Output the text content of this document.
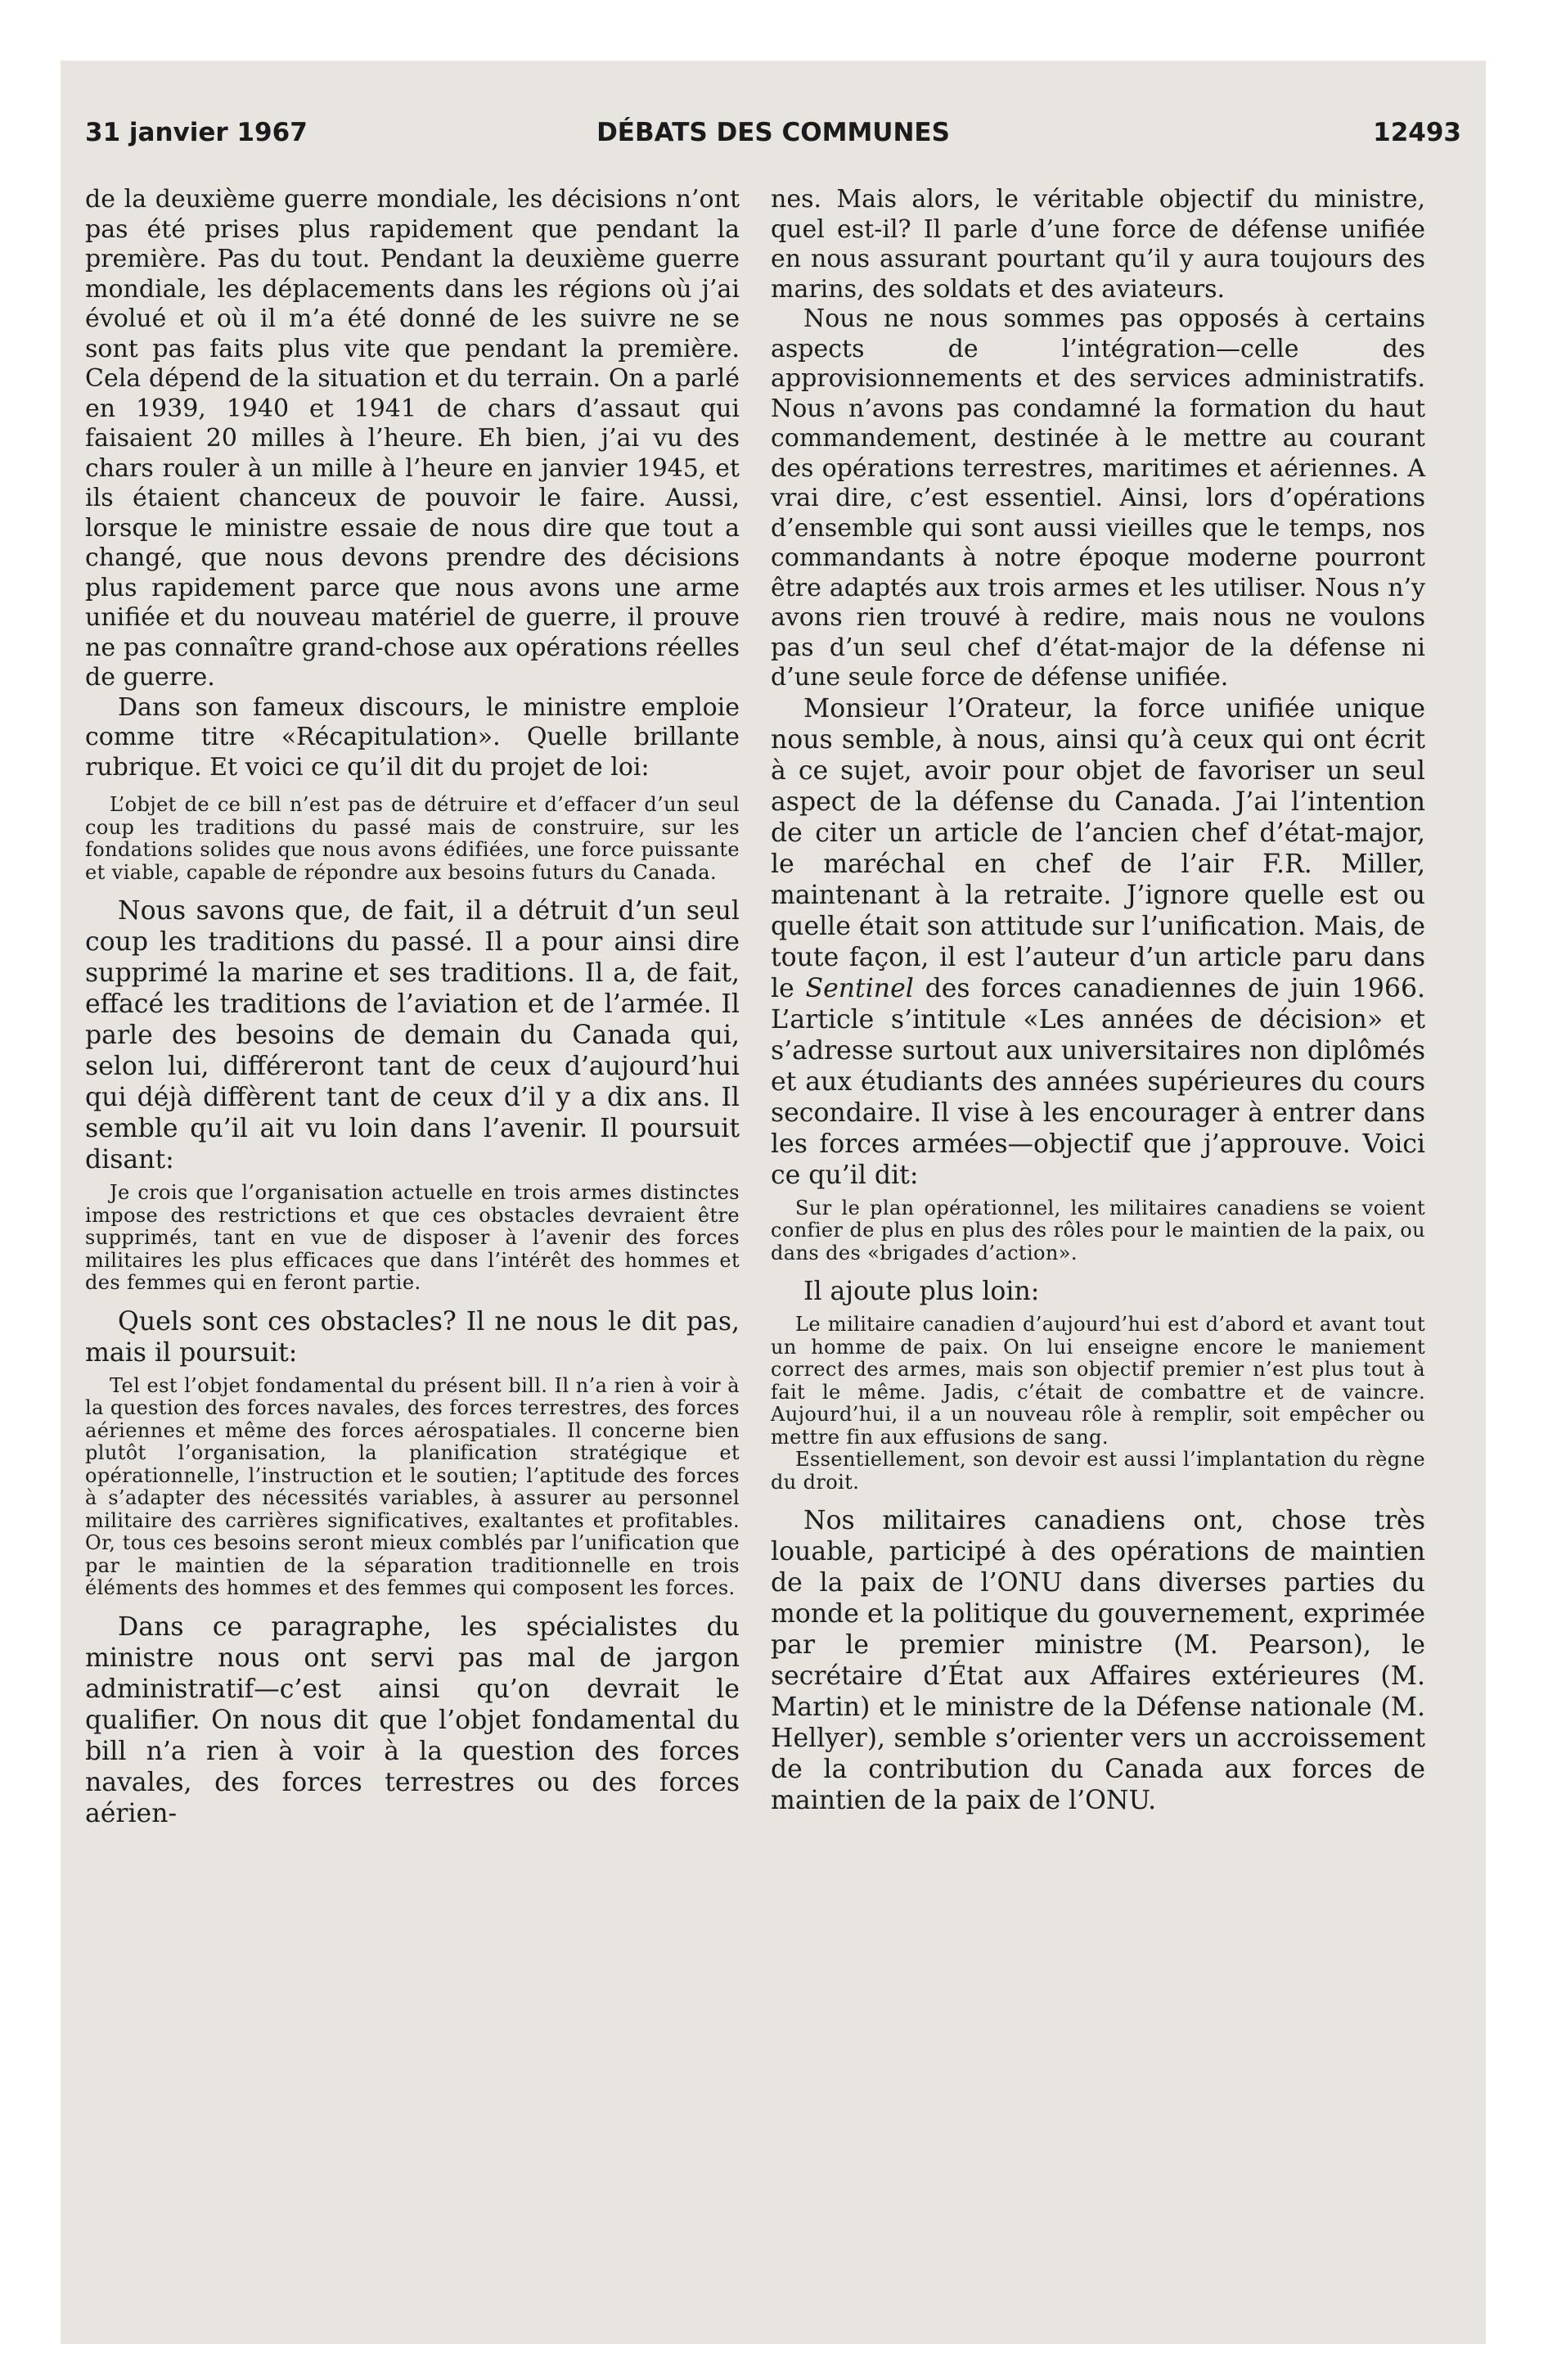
31 janvier 1967	DÉBATS DES COMMUNES	12493

de la deuxième guerre mondiale, les décisions n’ont pas été prises plus rapidement que pendant la première. Pas du tout. Pendant la deuxième guerre mondiale, les déplacements dans les régions où j’ai évolué et où il m’a été donné de les suivre ne se sont pas faits plus vite que pendant la première. Cela dépend de la situation et du terrain. On a parlé en 1939, 1940 et 1941 de chars d’assaut qui faisaient 20 milles à l’heure. Eh bien, j’ai vu des chars rouler à un mille à l’heure en janvier 1945, et ils étaient chanceux de pouvoir le faire. Aussi, lorsque le ministre essaie de nous dire que tout a changé, que nous devons prendre des décisions plus rapidement parce que nous avons une arme unifiée et du nouveau matériel de guerre, il prouve ne pas connaître grand-chose aux opérations réelles de guerre.

Dans son fameux discours, le ministre emploie comme titre «Récapitulation». Quelle brillante rubrique. Et voici ce qu’il dit du projet de loi:

L’objet de ce bill n’est pas de détruire et d’effacer d’un seul coup les traditions du passé mais de construire, sur les fondations solides que nous avons édifiées, une force puissante et viable, capable de répondre aux besoins futurs du Canada.

Nous savons que, de fait, il a détruit d’un seul coup les traditions du passé. Il a pour ainsi dire supprimé la marine et ses traditions. Il a, de fait, effacé les traditions de l’aviation et de l’armée. Il parle des besoins de demain du Canada qui, selon lui, différeront tant de ceux d’aujourd’hui qui déjà diffèrent tant de ceux d’il y a dix ans. Il semble qu’il ait vu loin dans l’avenir. Il poursuit disant:

Je crois que l’organisation actuelle en trois armes distinctes impose des restrictions et que ces obstacles devraient être supprimés, tant en vue de disposer à l’avenir des forces militaires les plus efficaces que dans l’intérêt des hommes et des femmes qui en feront partie.

Quels sont ces obstacles? Il ne nous le dit pas, mais il poursuit:

Tel est l’objet fondamental du présent bill. Il n’a rien à voir à la question des forces navales, des forces terrestres, des forces aériennes et même des forces aérospatiales. Il concerne bien plutôt l’organisation, la planification stratégique et opérationnelle, l’instruction et le soutien; l’aptitude des forces à s’adapter des nécessités variables, à assurer au personnel militaire des carrières significatives, exaltantes et profitables. Or, tous ces besoins seront mieux comblés par l’unification que par le maintien de la séparation traditionnelle en trois éléments des hommes et des femmes qui composent les forces.

Dans ce paragraphe, les spécialistes du ministre nous ont servi pas mal de jargon administratif—c’est ainsi qu’on devrait le qualifier. On nous dit que l’objet fondamental du bill n’a rien à voir à la question des forces navales, des forces terrestres ou des forces aérien-

nes. Mais alors, le véritable objectif du ministre, quel est-il? Il parle d’une force de défense unifiée en nous assurant pourtant qu’il y aura toujours des marins, des soldats et des aviateurs.

Nous ne nous sommes pas opposés à certains aspects de l’intégration—celle des approvisionnements et des services administratifs. Nous n’avons pas condamné la formation du haut commandement, destinée à le mettre au courant des opérations terrestres, maritimes et aériennes. A vrai dire, c’est essentiel. Ainsi, lors d’opérations d’ensemble qui sont aussi vieilles que le temps, nos commandants à notre époque moderne pourront être adaptés aux trois armes et les utiliser. Nous n’y avons rien trouvé à redire, mais nous ne voulons pas d’un seul chef d’état-major de la défense ni d’une seule force de défense unifiée.

Monsieur l’Orateur, la force unifiée unique nous semble, à nous, ainsi qu’à ceux qui ont écrit à ce sujet, avoir pour objet de favoriser un seul aspect de la défense du Canada. J’ai l’intention de citer un article de l’ancien chef d’état-major, le maréchal en chef de l’air F.R. Miller, maintenant à la retraite. J’ignore quelle est ou quelle était son attitude sur l’unification. Mais, de toute façon, il est l’auteur d’un article paru dans le Sentinel des forces canadiennes de juin 1966. L’article s’intitule «Les années de décision» et s’adresse surtout aux universitaires non diplômés et aux étudiants des années supérieures du cours secondaire. Il vise à les encourager à entrer dans les forces armées—objectif que j’approuve. Voici ce qu’il dit:

Sur le plan opérationnel, les militaires canadiens se voient confier de plus en plus des rôles pour le maintien de la paix, ou dans des «brigades d’action».

Il ajoute plus loin:

Le militaire canadien d’aujourd’hui est d’abord et avant tout un homme de paix. On lui enseigne encore le maniement correct des armes, mais son objectif premier n’est plus tout à fait le même. Jadis, c’était de combattre et de vaincre. Aujourd’hui, il a un nouveau rôle à remplir, soit empêcher ou mettre fin aux effusions de sang.

Essentiellement, son devoir est aussi l’implantation du règne du droit.

Nos militaires canadiens ont, chose très louable, participé à des opérations de maintien de la paix de l’ONU dans diverses parties du monde et la politique du gouvernement, exprimée par le premier ministre (M. Pearson), le secrétaire d’État aux Affaires extérieures (M. Martin) et le ministre de la Défense nationale (M. Hellyer), semble s’orienter vers un accroissement de la contribution du Canada aux forces de maintien de la paix de l’ONU.
